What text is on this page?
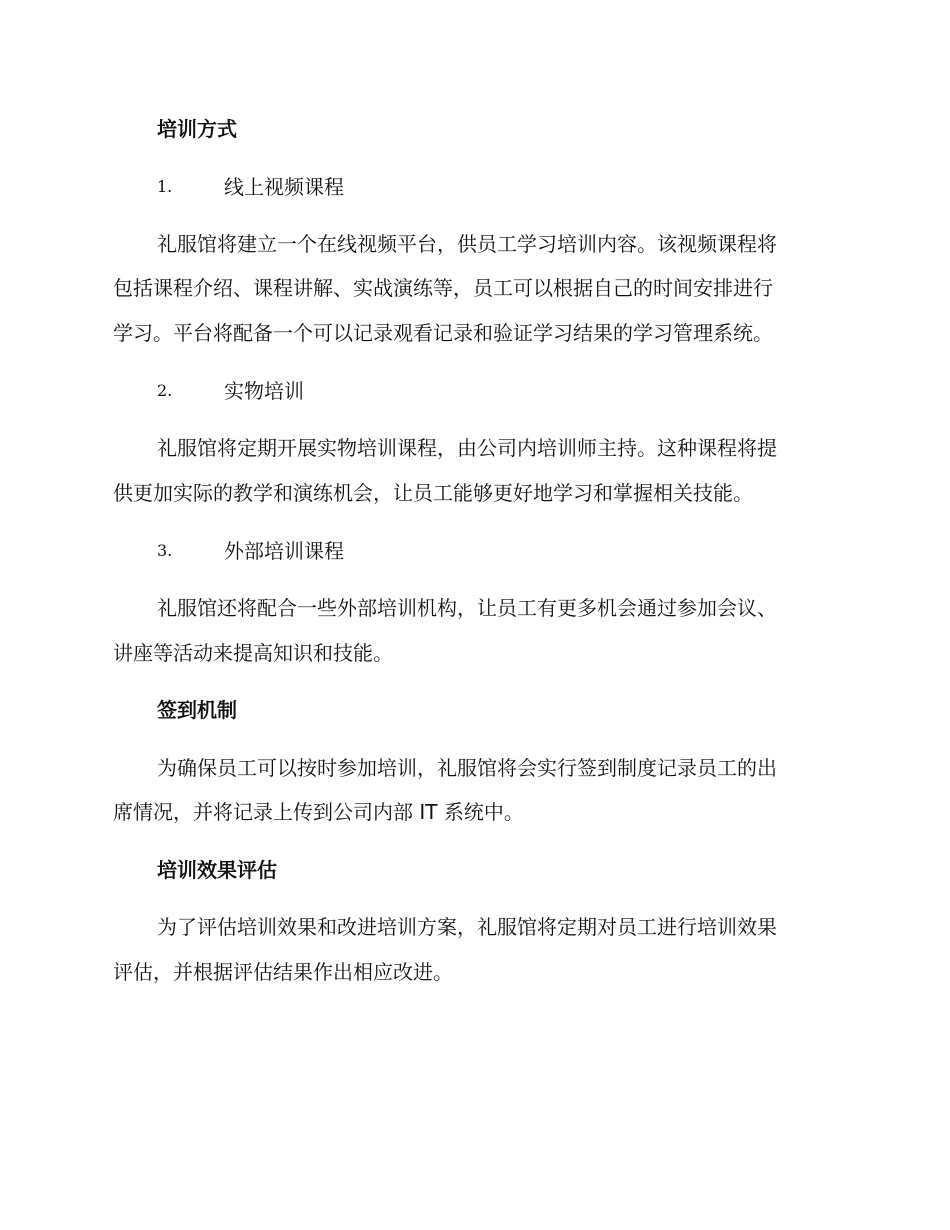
培训方式
1.	线上视频课程
礼服馆将建立一个在线视频平台，供员工学习培训内容。该视频课程将
包括课程介绍、课程讲解、实战演练等，员工可以根据自己的时间安排进行
学习。平台将配备一个可以记录观看记录和验证学习结果的学习管理系统。
2.	实物培训
礼服馆将定期开展实物培训课程，由公司内培训师主持。这种课程将提
供更加实际的教学和演练机会，让员工能够更好地学习和掌握相关技能。
3.	外部培训课程
礼服馆还将配合一些外部培训机构，让员工有更多机会通过参加会议、
讲座等活动来提高知识和技能。
签到机制
为确保员工可以按时参加培训，礼服馆将会实行签到制度记录员工的出
席情况，并将记录上传到公司内部 IT 系统中。
培训效果评估
为了评估培训效果和改进培训方案，礼服馆将定期对员工进行培训效果
评估，并根据评估结果作出相应改进。
